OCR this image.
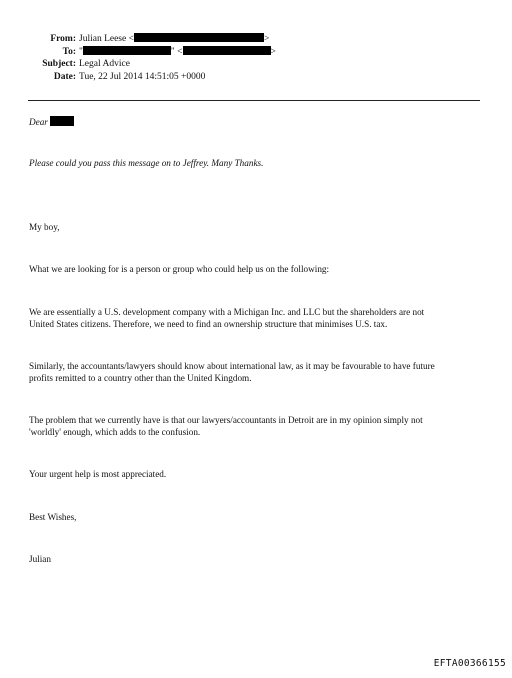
From: Julian Leese <	>
To: "	" <	>
Subject: Legal Advice
Date: Tue, 22 Jul 2014 14:51:05 +0000
Dear
Please could you pass this message on to Jeffrey. Many Thanks.
My boy,
What we are looking for is a person or group who could help us on the following:
We are essentially a U.S. development company with a Michigan Inc. and LLC but the shareholders are not
United States citizens. Therefore, we need to find an ownership structure that minimises U.S. tax.
Similarly, the accountants/lawyers should know about international law, as it may be favourable to have future
profits remitted to a country other than the United Kingdom.
The problem that we currently have is that our lawyers/accountants in Detroit are in my opinion simply not
'worldly' enough, which adds to the confusion.
Your urgent help is most appreciated.
Best Wishes,
Julian
EFTA00366155
